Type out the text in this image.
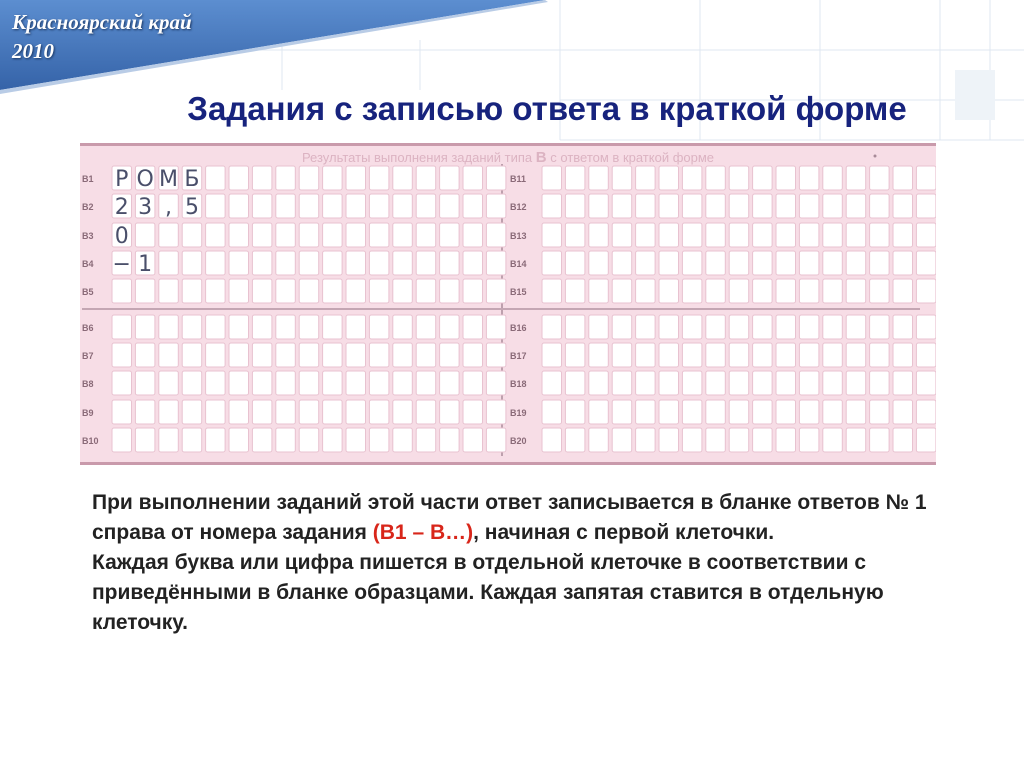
Красноярский край
2010
Задания с записью ответа в краткой форме
Результаты выполнения заданий типа В с ответом в краткой форме
B1 Р О М Б
B2 2 3 , 5
B3 0
B4 − 1
B5
B6
B7
B8
B9
B10
B11
B12
B13
B14
B15
B16
B17
B18
B19
B20

При выполнении заданий этой части ответ записывается в бланке ответов № 1 справа от номера задания (В1 – В…), начиная с первой клеточки.

Каждая буква или цифра пишется в отдельной клеточке в соответствии с приведёнными в бланке образцами. Каждая запятая ставится в отдельную клеточку.
